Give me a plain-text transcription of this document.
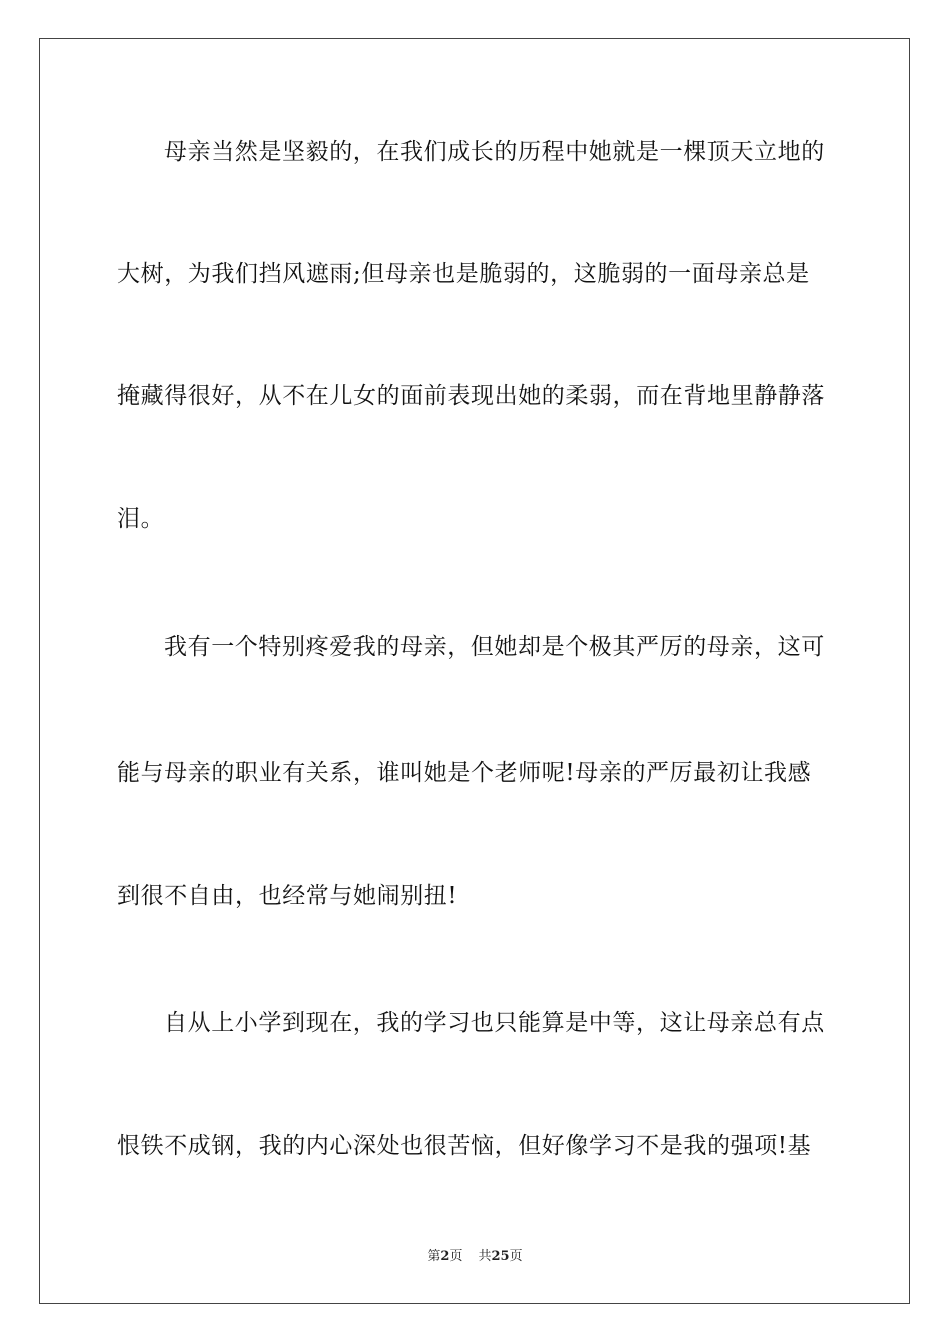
母亲当然是坚毅的，在我们成长的历程中她就是一棵顶天立地的
大树，为我们挡风遮雨;但母亲也是脆弱的，这脆弱的一面母亲总是
掩藏得很好，从不在儿女的面前表现出她的柔弱，而在背地里静静落
泪。
我有一个特别疼爱我的母亲，但她却是个极其严厉的母亲，这可
能与母亲的职业有关系，谁叫她是个老师呢!母亲的严厉最初让我感
到很不自由，也经常与她闹别扭!
自从上小学到现在，我的学习也只能算是中等，这让母亲总有点
恨铁不成钢，我的内心深处也很苦恼，但好像学习不是我的强项!基
第2页 共25页
